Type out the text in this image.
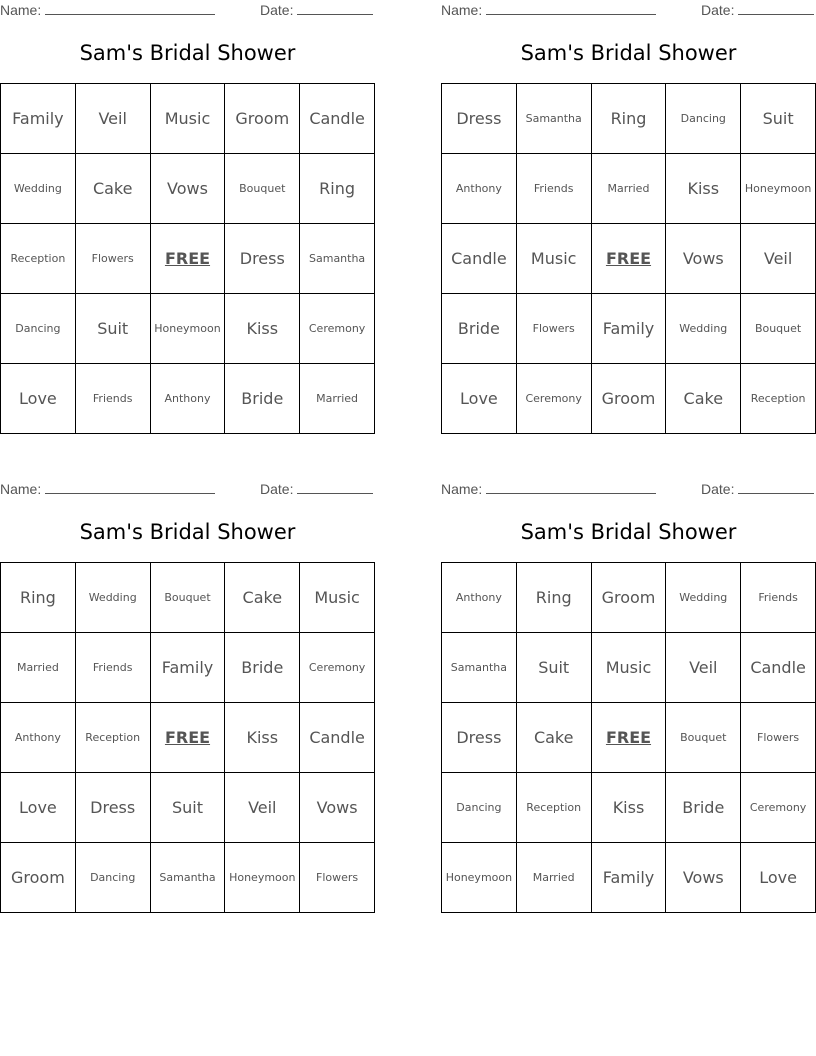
Name:	Date:
Sam's Bridal Shower
Family	Veil	Music	Groom	Candle
Wedding	Cake	Vows	Bouquet	Ring
Reception	Flowers	FREE	Dress	Samantha
Dancing	Suit	Honeymoon	Kiss	Ceremony
Love	Friends	Anthony	Bride	Married
Name:	Date:
Sam's Bridal Shower
Dress	Samantha	Ring	Dancing	Suit
Anthony	Friends	Married	Kiss	Honeymoon
Candle	Music	FREE	Vows	Veil
Bride	Flowers	Family	Wedding	Bouquet
Love	Ceremony	Groom	Cake	Reception
Name:	Date:
Sam's Bridal Shower
Ring	Wedding	Bouquet	Cake	Music
Married	Friends	Family	Bride	Ceremony
Anthony	Reception	FREE	Kiss	Candle
Love	Dress	Suit	Veil	Vows
Groom	Dancing	Samantha	Honeymoon	Flowers
Name:	Date:
Sam's Bridal Shower
Anthony	Ring	Groom	Wedding	Friends
Samantha	Suit	Music	Veil	Candle
Dress	Cake	FREE	Bouquet	Flowers
Dancing	Reception	Kiss	Bride	Ceremony
Honeymoon	Married	Family	Vows	Love
